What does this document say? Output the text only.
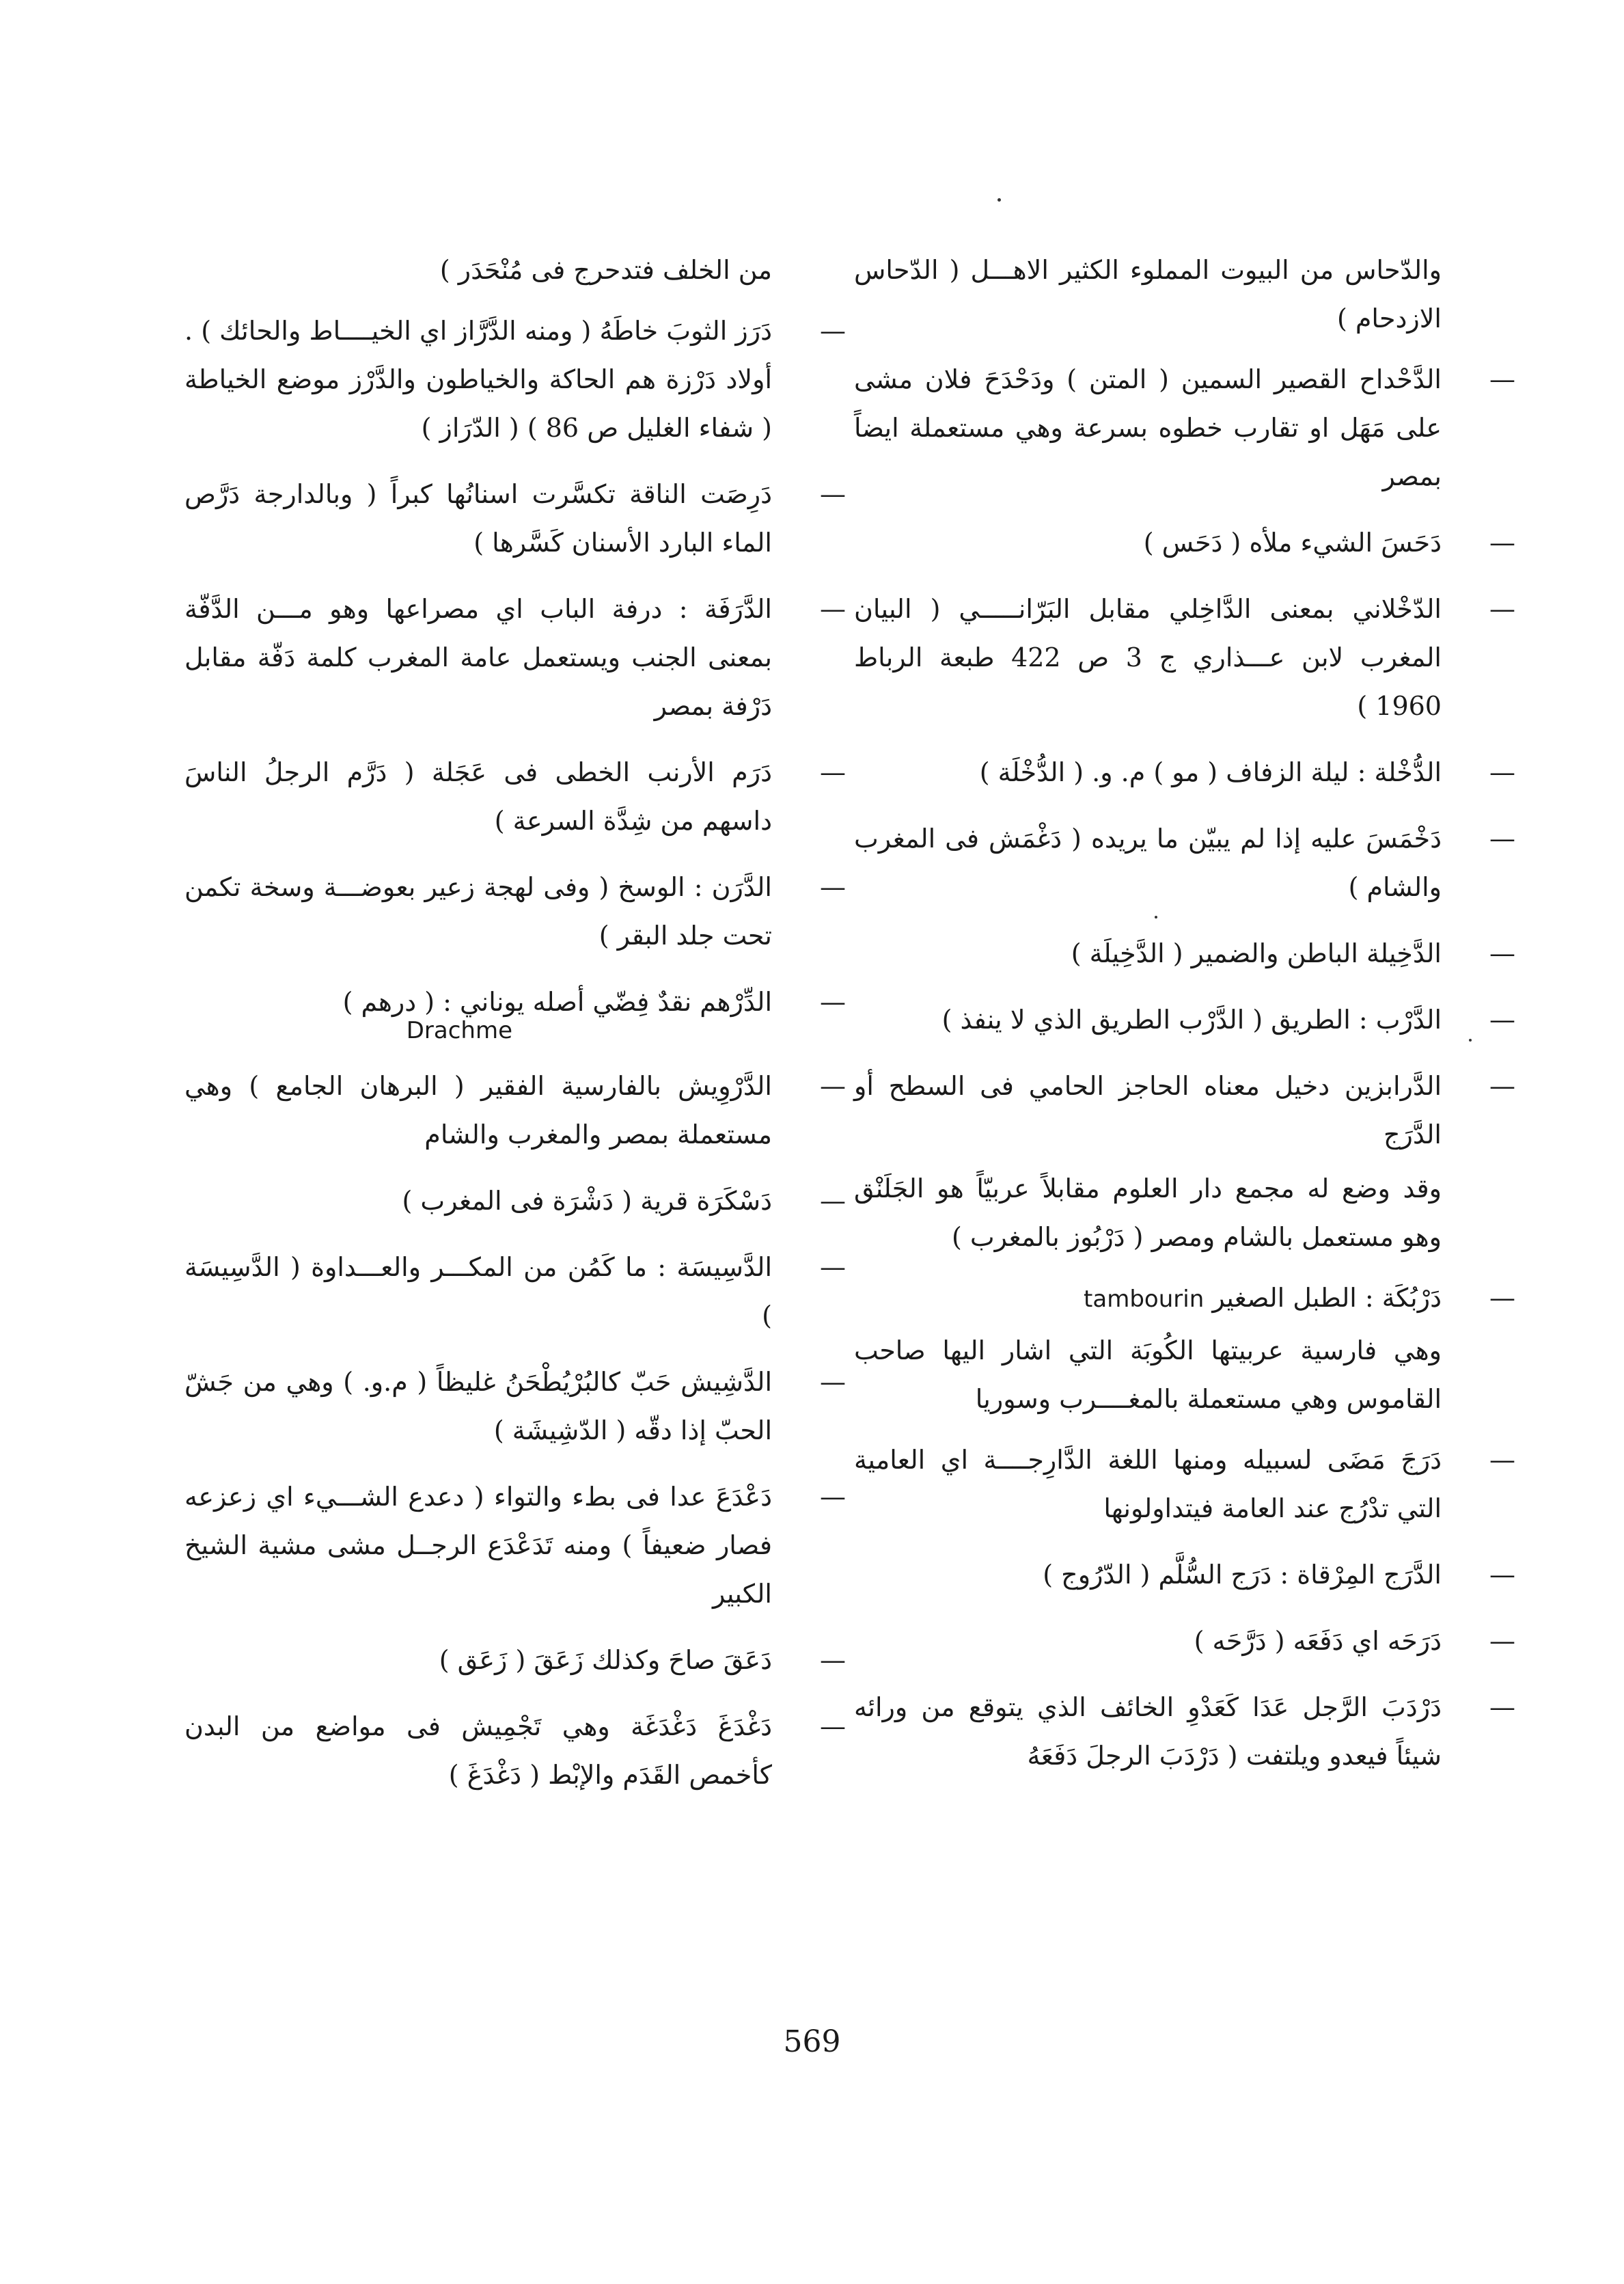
والدّحاس من البيوت المملوء الكثير الاهـــل ( الدّحاس الازدحام )
—
الدَّحْداح القصير السمين ( المتن ) ودَحْدَحَ فلان مشى على مَهَل او تقارب خطوه بسرعة وهي مستعملة ايضاً بمصر
—
دَحَسَ الشيء ملأه ( دَحَس )
—
الدّخْلاني بمعنى الدَّاخِلي مقابل البَرّانـــــي ( البيان المغرب لابن عـــذاري ج 3 ص 422 طبعة الرباط 1960 )
—
الدُّخْلة : ليلة الزفاف ( مو ) م. و. ( الدُّخْلَة )
—
دَخْمَسَ عليه إذا لم يبيّن ما يريده ( دَغْمَش فى المغرب والشام )
—
الدَّخِيلة الباطن والضمير ( الدَّخِيلَة )
—
الدَّرْب : الطريق ( الدَّرْب الطريق الذي لا ينفذ )
—
الدَّرابزين دخيل معناه الحاجز الحامي فى السطح أو الدَّرَج
وقد وضع له مجمع دار العلوم مقابلاً عربيّاً هو الجَلَنْق وهو مستعمل بالشام ومصر ( دَرْبُوز بالمغرب )
—
دَرْبُكَة : الطبل الصغير tambourin
وهي فارسية عربيتها الكُوبَة التي اشار اليها صاحب القاموس وهي مستعملة بالمغــــرب وسوريا
—
دَرَجَ مَضَى لسبيله ومنها اللغة الدَّارِجــــة اي العامية التي تدْرُج عند العامة فيتداولونها
—
الدَّرَج المِرْقاة : دَرَج السُّلَّم ( الدّرُوج )
—
دَرَحَه اي دَفَعَه ( دَرَّحَه )
—
دَرْدَبَ الرَّجل عَدَا كَعَدْوِ الخائف الذي يتوقع من ورائه شيئاً فيعدو ويلتفت ( دَرْدَبَ الرجلَ دَفَعَهُ
من الخلف فتدحرج فى مُنْحَدَر )
—
دَرَز الثوبَ خاطَهُ ( ومنه الدَّرَّاز اي الخيــــاط والحائك ) . أولاد دَرْزة هم الحاكة والخياطون والدَّرْز موضع الخياطة ( شفاء الغليل ص 86 ) ( الدّرَاز )
—
دَرِصَت الناقة تكسَّرت اسنانُها كبراً ( وبالدارجة دَرَّص الماء البارد الأسنان كَسَّرها )
—
الدَّرَفَة : درفة الباب اي مصراعها وهو مـــن الدَّفّة بمعنى الجنب ويستعمل عامة المغرب كلمة دَفّة مقابل دَرْفة بمصر
—
دَرَم الأرنب الخطى فى عَجَلة ( دَرَّم الرجلُ الناسَ داسهم من شِدَّة السرعة )
—
الدَّرَن : الوسخ ( وفى لهجة زعير بعوضـــة وسخة تكمن تحت جلد البقر )
—
الدِّرْهم نقدٌ فِضّي أصله يوناني : ( درهم )
Drachme
—
الدَّرْوِيش بالفارسية الفقير ( البرهان الجامع ) وهي مستعملة بمصر والمغرب والشام
—
دَسْكَرَة قرية ( دَشْرَة فى المغرب )
—
الدَّسِيسَة : ما كَمُن من المكـــر والعـــداوة ( الدَّسِيسَة )
—
الدَّشِيش حَبّ كالبُرْيُطْحَنُ غليظاً ( م.و. ) وهي من جَشّ الحبّ إذا دقّه ( الدّشِيشَة )
—
دَعْدَعَ عدا فى بطء والتواء ( دعدع الشـــيء اي زعزعه فصار ضعيفاً ) ومنه تَدَعْدَع الرجــل مشى مشية الشيخ الكبير
—
دَعَقَ صاحَ وكذلك زَعَقَ ( زَعَق )
—
دَغْدَغَ دَغْدَغَة وهي تَجْمِيش فى مواضع من البدن كأخمص القَدَم والإبْط ( دَغْدَغَ )
569
